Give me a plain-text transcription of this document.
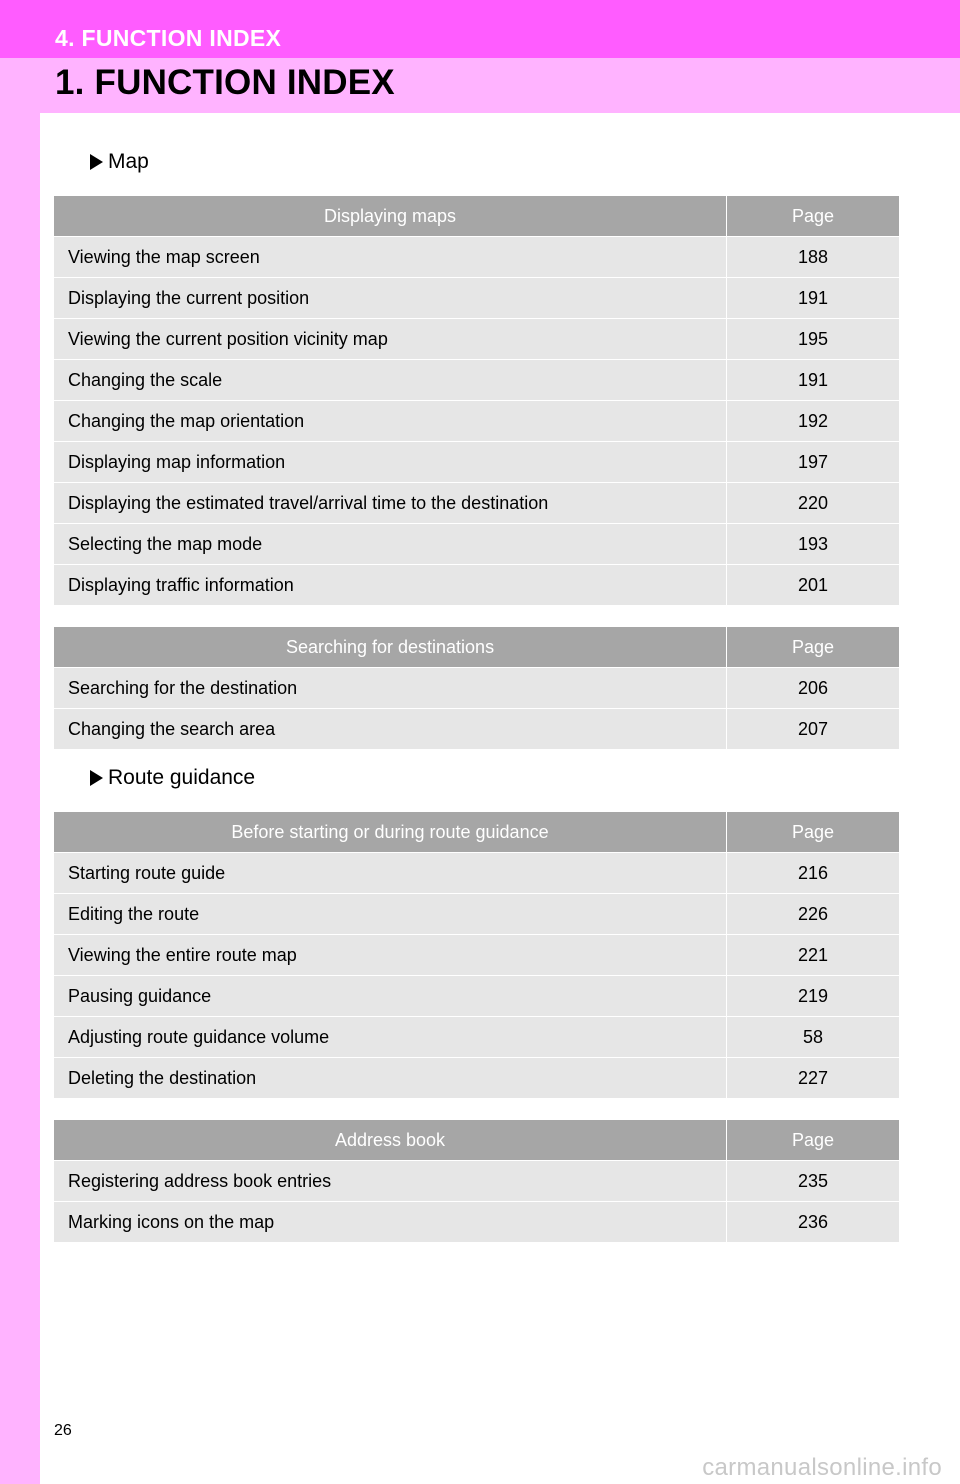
4. FUNCTION INDEX
1. FUNCTION INDEX
Map
Displaying maps	Page
Viewing the map screen	188
Displaying the current position	191
Viewing the current position vicinity map	195
Changing the scale	191
Changing the map orientation	192
Displaying map information	197
Displaying the estimated travel/arrival time to the destination	220
Selecting the map mode	193
Displaying traffic information	201
Searching for destinations	Page
Searching for the destination	206
Changing the search area	207
Route guidance
Before starting or during route guidance	Page
Starting route guide	216
Editing the route	226
Viewing the entire route map	221
Pausing guidance	219
Adjusting route guidance volume	58
Deleting the destination	227
Address book	Page
Registering address book entries	235
Marking icons on the map	236
26
carmanualsonline.info
